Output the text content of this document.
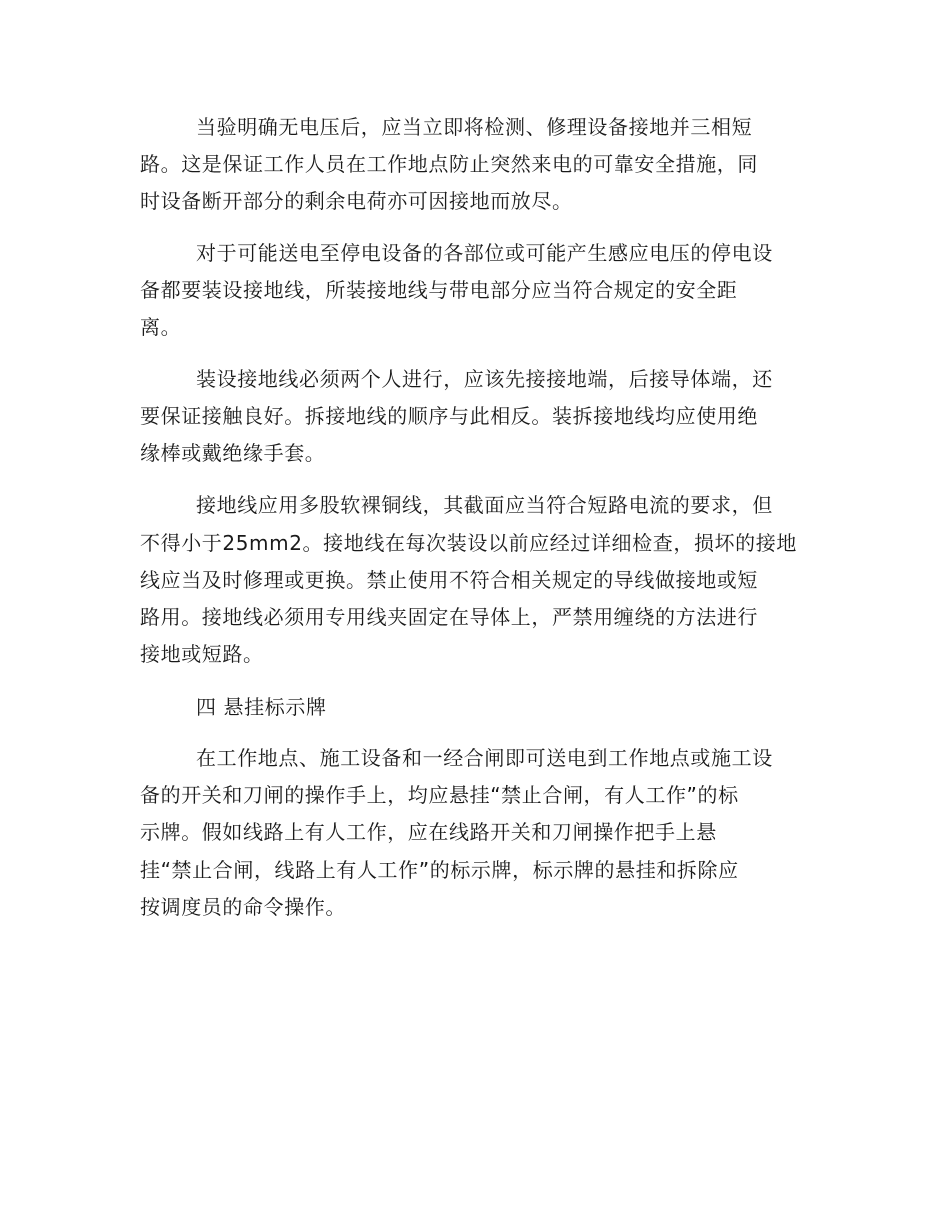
当验明确无电压后，应当立即将检测、修理设备接地并三相短
路。这是保证工作人员在工作地点防止突然来电的可靠安全措施，同
时设备断开部分的剩余电荷亦可因接地而放尽。
对于可能送电至停电设备的各部位或可能产生感应电压的停电设
备都要装设接地线，所装接地线与带电部分应当符合规定的安全距
离。
装设接地线必须两个人进行，应该先接接地端，后接导体端，还
要保证接触良好。拆接地线的顺序与此相反。装拆接地线均应使用绝
缘棒或戴绝缘手套。
接地线应用多股软裸铜线，其截面应当符合短路电流的要求，但
不得小于25mm2。接地线在每次装设以前应经过详细检查，损坏的接地
线应当及时修理或更换。禁止使用不符合相关规定的导线做接地或短
路用。接地线必须用专用线夹固定在导体上，严禁用缠绕的方法进行
接地或短路。
四 悬挂标示牌
在工作地点、施工设备和一经合闸即可送电到工作地点或施工设
备的开关和刀闸的操作手上，均应悬挂“禁止合闸，有人工作”的标
示牌。假如线路上有人工作，应在线路开关和刀闸操作把手上悬
挂“禁止合闸，线路上有人工作”的标示牌，标示牌的悬挂和拆除应
按调度员的命令操作。
